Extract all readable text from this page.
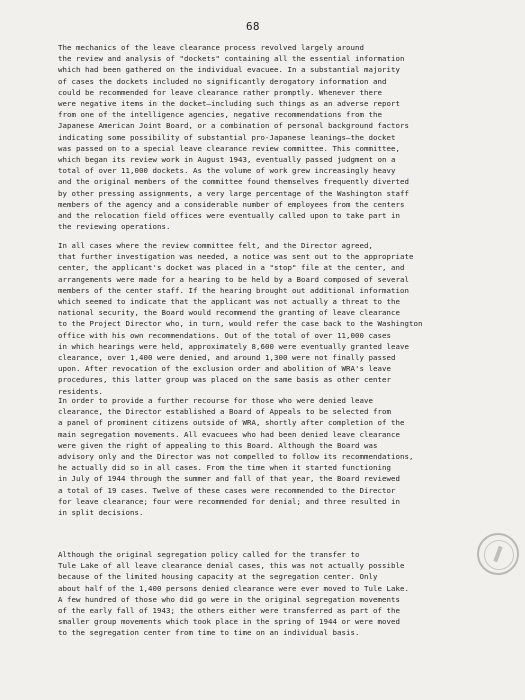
68

The mechanics of the leave clearance process revolved largely around
the review and analysis of "dockets" containing all the essential information
which had been gathered on the individual evacuee. In a substantial majority
of cases the dockets included no significantly derogatory information and
could be recommended for leave clearance rather promptly. Whenever there
were negative items in the docket—including such things as an adverse report
from one of the intelligence agencies, negative recommendations from the
Japanese American Joint Board, or a combination of personal background factors
indicating some possibility of substantial pro-Japanese leanings—the docket
was passed on to a special leave clearance review committee. This committee,
which began its review work in August 1943, eventually passed judgment on a
total of over 11,000 dockets. As the volume of work grew increasingly heavy
and the original members of the committee found themselves frequently diverted
by other pressing assignments, a very large percentage of the Washington staff
members of the agency and a considerable number of employees from the centers
and the relocation field offices were eventually called upon to take part in
the reviewing operations.

In all cases where the review committee felt, and the Director agreed,
that further investigation was needed, a notice was sent out to the appropriate
center, the applicant's docket was placed in a "stop" file at the center, and
arrangements were made for a hearing to be held by a Board composed of several
members of the center staff. If the hearing brought out additional information
which seemed to indicate that the applicant was not actually a threat to the
national security, the Board would recommend the granting of leave clearance
to the Project Director who, in turn, would refer the case back to the Washington
office with his own recommendations. Out of the total of over 11,000 cases
in which hearings were held, approximately 8,600 were eventually granted leave
clearance, over 1,400 were denied, and around 1,300 were not finally passed
upon. After revocation of the exclusion order and abolition of WRA's leave
procedures, this latter group was placed on the same basis as other center
residents.

In order to provide a further recourse for those who were denied leave
clearance, the Director established a Board of Appeals to be selected from
a panel of prominent citizens outside of WRA, shortly after completion of the
main segregation movements. All evacuees who had been denied leave clearance
were given the right of appealing to this Board. Although the Board was
advisory only and the Director was not compelled to follow its recommendations,
he actually did so in all cases. From the time when it started functioning
in July of 1944 through the summer and fall of that year, the Board reviewed
a total of 19 cases. Twelve of these cases were recommended to the Director
for leave clearance; four were recommended for denial; and three resulted in
in split decisions.

Although the original segregation policy called for the transfer to
Tule Lake of all leave clearance denial cases, this was not actually possible
because of the limited housing capacity at the segregation center. Only
about half of the 1,400 persons denied clearance were ever moved to Tule Lake.
A few hundred of those who did go were in the original segregation movements
of the early fall of 1943; the others either were transferred as part of the
smaller group movements which took place in the spring of 1944 or were moved
to the segregation center from time to time on an individual basis.
